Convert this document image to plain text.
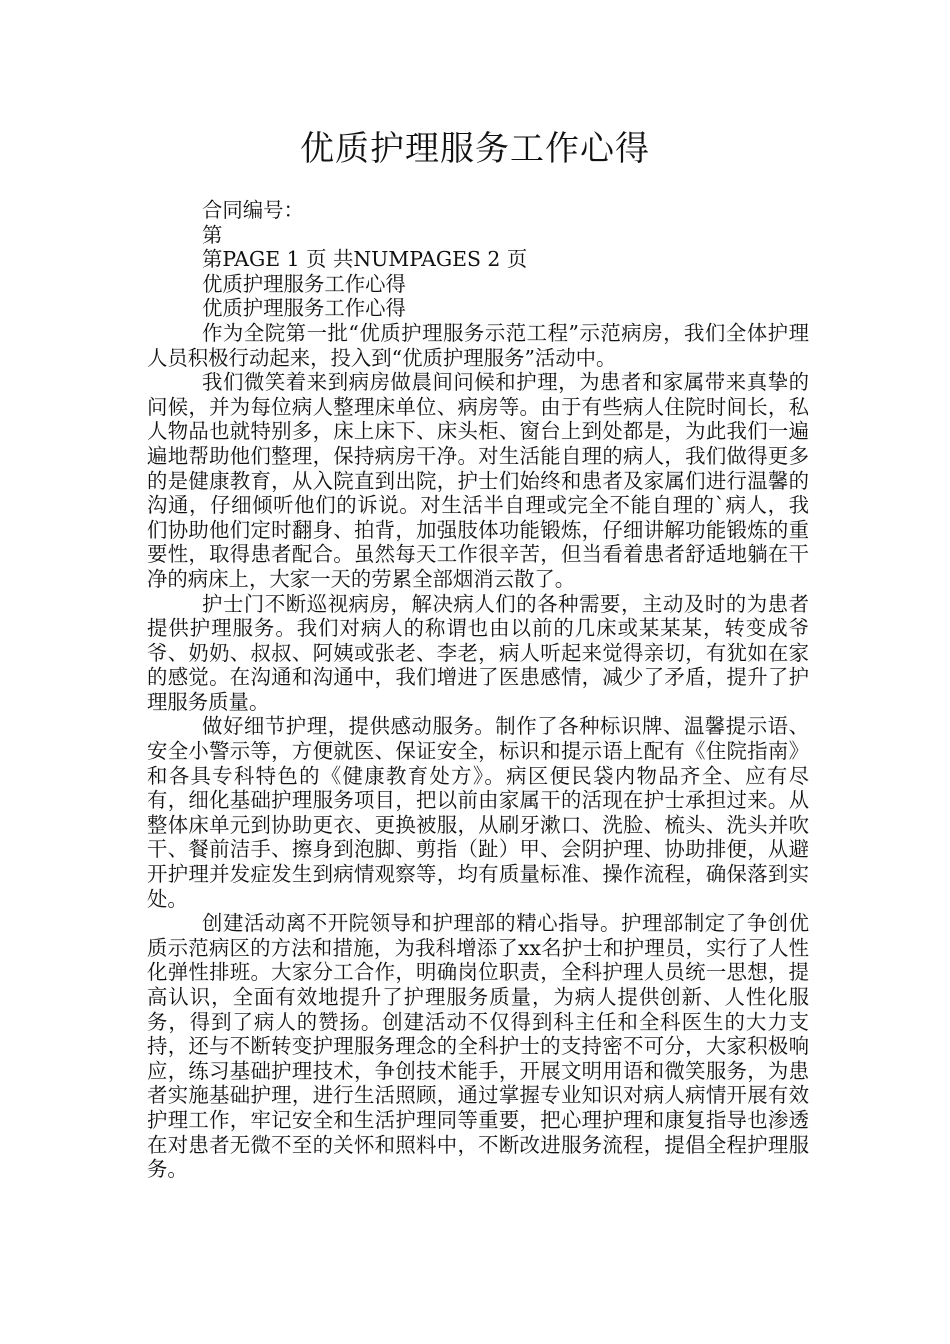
优质护理服务工作心得

合同编号：

第

第PAGE 1 页 共NUMPAGES 2 页

优质护理服务工作心得

优质护理服务工作心得

作为全院第一批“优质护理服务示范工程”示范病房，我们全体护理人员积极行动起来，投入到“优质护理服务”活动中。

我们微笑着来到病房做晨间问候和护理，为患者和家属带来真挚的问候，并为每位病人整理床单位、病房等。由于有些病人住院时间长，私人物品也就特别多，床上床下、床头柜、窗台上到处都是，为此我们一遍遍地帮助他们整理，保持病房干净。对生活能自理的病人，我们做得更多的是健康教育，从入院直到出院，护士们始终和患者及家属们进行温馨的沟通，仔细倾听他们的诉说。对生活半自理或完全不能自理的`病人，我们协助他们定时翻身、拍背，加强肢体功能锻炼，仔细讲解功能锻炼的重要性，取得患者配合。虽然每天工作很辛苦，但当看着患者舒适地躺在干净的病床上，大家一天的劳累全部烟消云散了。

护士门不断巡视病房，解决病人们的各种需要，主动及时的为患者提供护理服务。我们对病人的称谓也由以前的几床或某某某，转变成爷爷、奶奶、叔叔、阿姨或张老、李老，病人听起来觉得亲切，有犹如在家的感觉。在沟通和沟通中，我们增进了医患感情，减少了矛盾，提升了护理服务质量。

做好细节护理，提供感动服务。制作了各种标识牌、温馨提示语、安全小警示等，方便就医、保证安全，标识和提示语上配有《住院指南》和各具专科特色的《健康教育处方》。病区便民袋内物品齐全、应有尽有，细化基础护理服务项目，把以前由家属干的活现在护士承担过来。从整体床单元到协助更衣、更换被服，从刷牙漱口、洗脸、梳头、洗头并吹干、餐前洁手、擦身到泡脚、剪指（趾）甲、会阴护理、协助排便，从避开护理并发症发生到病情观察等，均有质量标准、操作流程，确保落到实处。

创建活动离不开院领导和护理部的精心指导。护理部制定了争创优质示范病区的方法和措施，为我科增添了xx名护士和护理员，实行了人性化弹性排班。大家分工合作，明确岗位职责，全科护理人员统一思想，提高认识，全面有效地提升了护理服务质量，为病人提供创新、人性化服务，得到了病人的赞扬。创建活动不仅得到科主任和全科医生的大力支持，还与不断转变护理服务理念的全科护士的支持密不可分，大家积极响应，练习基础护理技术，争创技术能手，开展文明用语和微笑服务，为患者实施基础护理，进行生活照顾，通过掌握专业知识对病人病情开展有效护理工作，牢记安全和生活护理同等重要，把心理护理和康复指导也渗透在对患者无微不至的关怀和照料中，不断改进服务流程，提倡全程护理服务。
